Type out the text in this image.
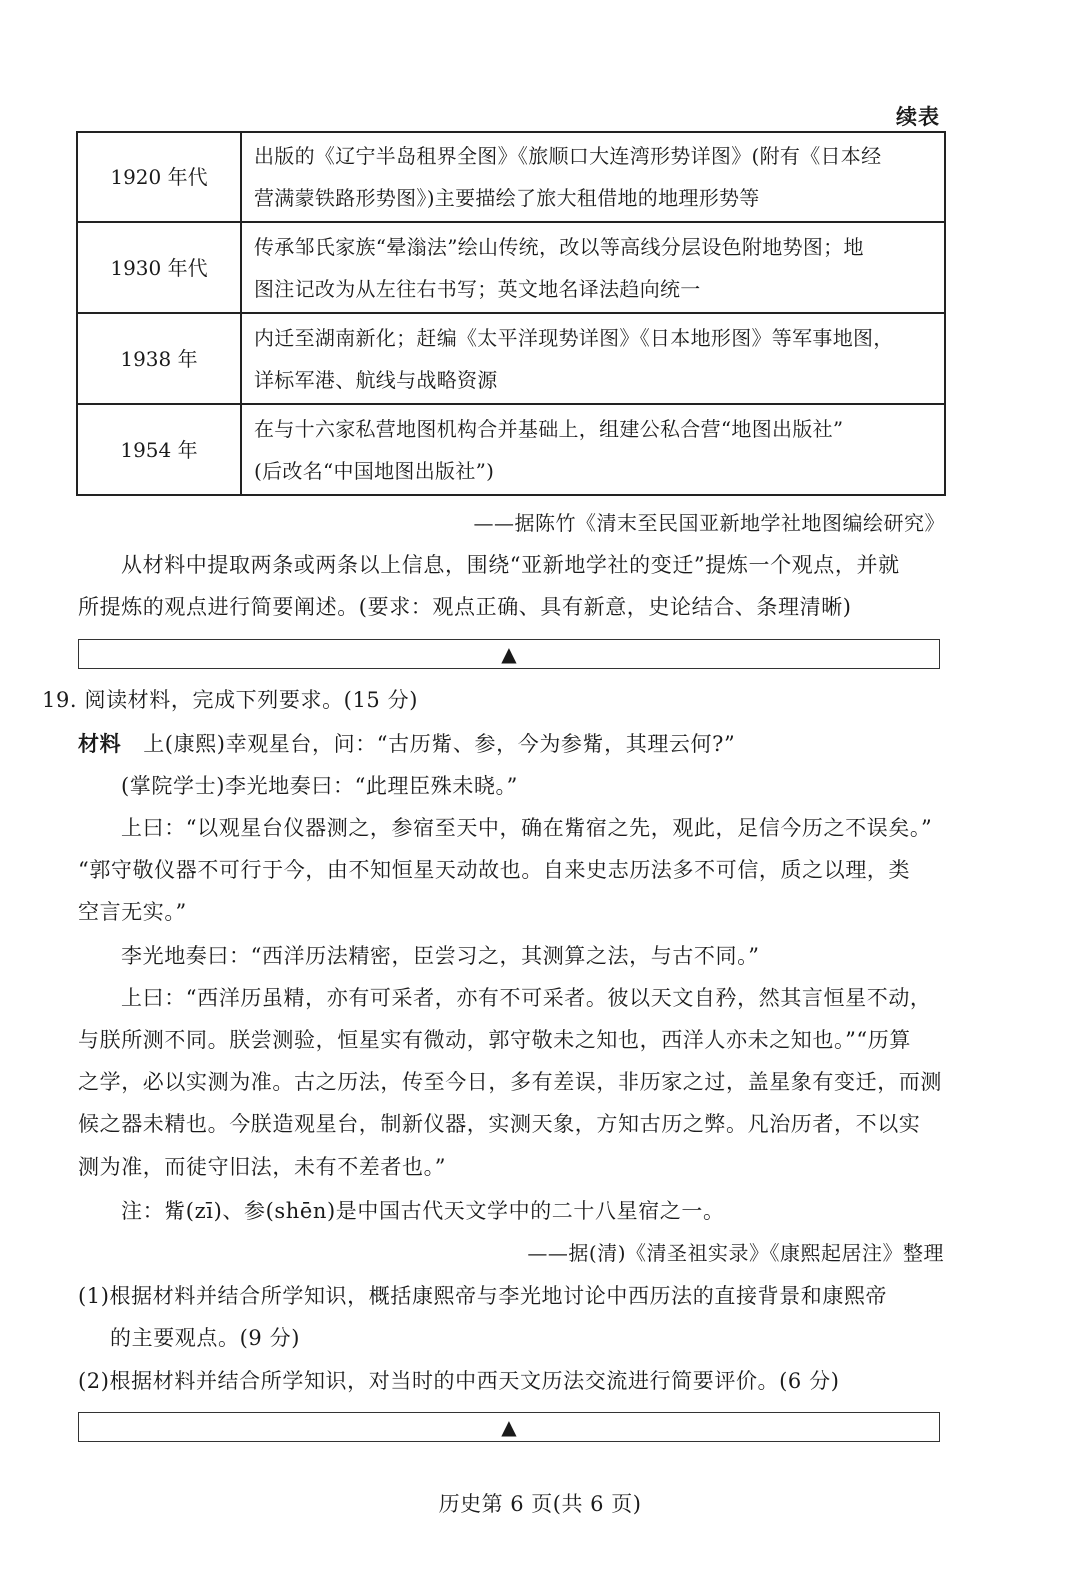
续表
1920 年代	出版的《辽宁半岛租界全图》《旅顺口大连湾形势详图》(附有《日本经
营满蒙铁路形势图》)主要描绘了旅大租借地的地理形势等

1930 年代	传承邹氏家族“晕滃法”绘山传统，改以等高线分层设色附地势图；地
图注记改为从左往右书写；英文地名译法趋向统一

1938 年	内迁至湖南新化；赶编《太平洋现势详图》《日本地形图》等军事地图，
详标军港、航线与战略资源

1954 年	在与十六家私营地图机构合并基础上，组建公私合营“地图出版社”
(后改名“中国地图出版社”)
——据陈竹《清末至民国亚新地学社地图编绘研究》
从材料中提取两条或两条以上信息，围绕“亚新地学社的变迁”提炼一个观点，并就
所提炼的观点进行简要阐述。(要求：观点正确、具有新意，史论结合、条理清晰)
▲
19. 阅读材料，完成下列要求。(15 分)
材料 上(康熙)幸观星台，问：“古历觜、参，今为参觜，其理云何?”
(掌院学士)李光地奏曰：“此理臣殊未晓。”
上曰：“以观星台仪器测之，参宿至天中，确在觜宿之先，观此，足信今历之不误矣。”
“郭守敬仪器不可行于今，由不知恒星天动故也。自来史志历法多不可信，质之以理，类
空言无实。”
李光地奏曰：“西洋历法精密，臣尝习之，其测算之法，与古不同。”
上曰：“西洋历虽精，亦有可采者，亦有不可采者。彼以天文自矜，然其言恒星不动，
与朕所测不同。朕尝测验，恒星实有微动，郭守敬未之知也，西洋人亦未之知也。”“历算
之学，必以实测为准。古之历法，传至今日，多有差误，非历家之过，盖星象有变迁，而测
候之器未精也。今朕造观星台，制新仪器，实测天象，方知古历之弊。凡治历者，不以实
测为准，而徒守旧法，未有不差者也。”
注：觜(zī)、参(shēn)是中国古代天文学中的二十八星宿之一。
——据(清)《清圣祖实录》《康熙起居注》整理
(1)根据材料并结合所学知识，概括康熙帝与李光地讨论中西历法的直接背景和康熙帝
的主要观点。(9 分)
(2)根据材料并结合所学知识，对当时的中西天文历法交流进行简要评价。(6 分)
▲
历史第 6 页(共 6 页)
